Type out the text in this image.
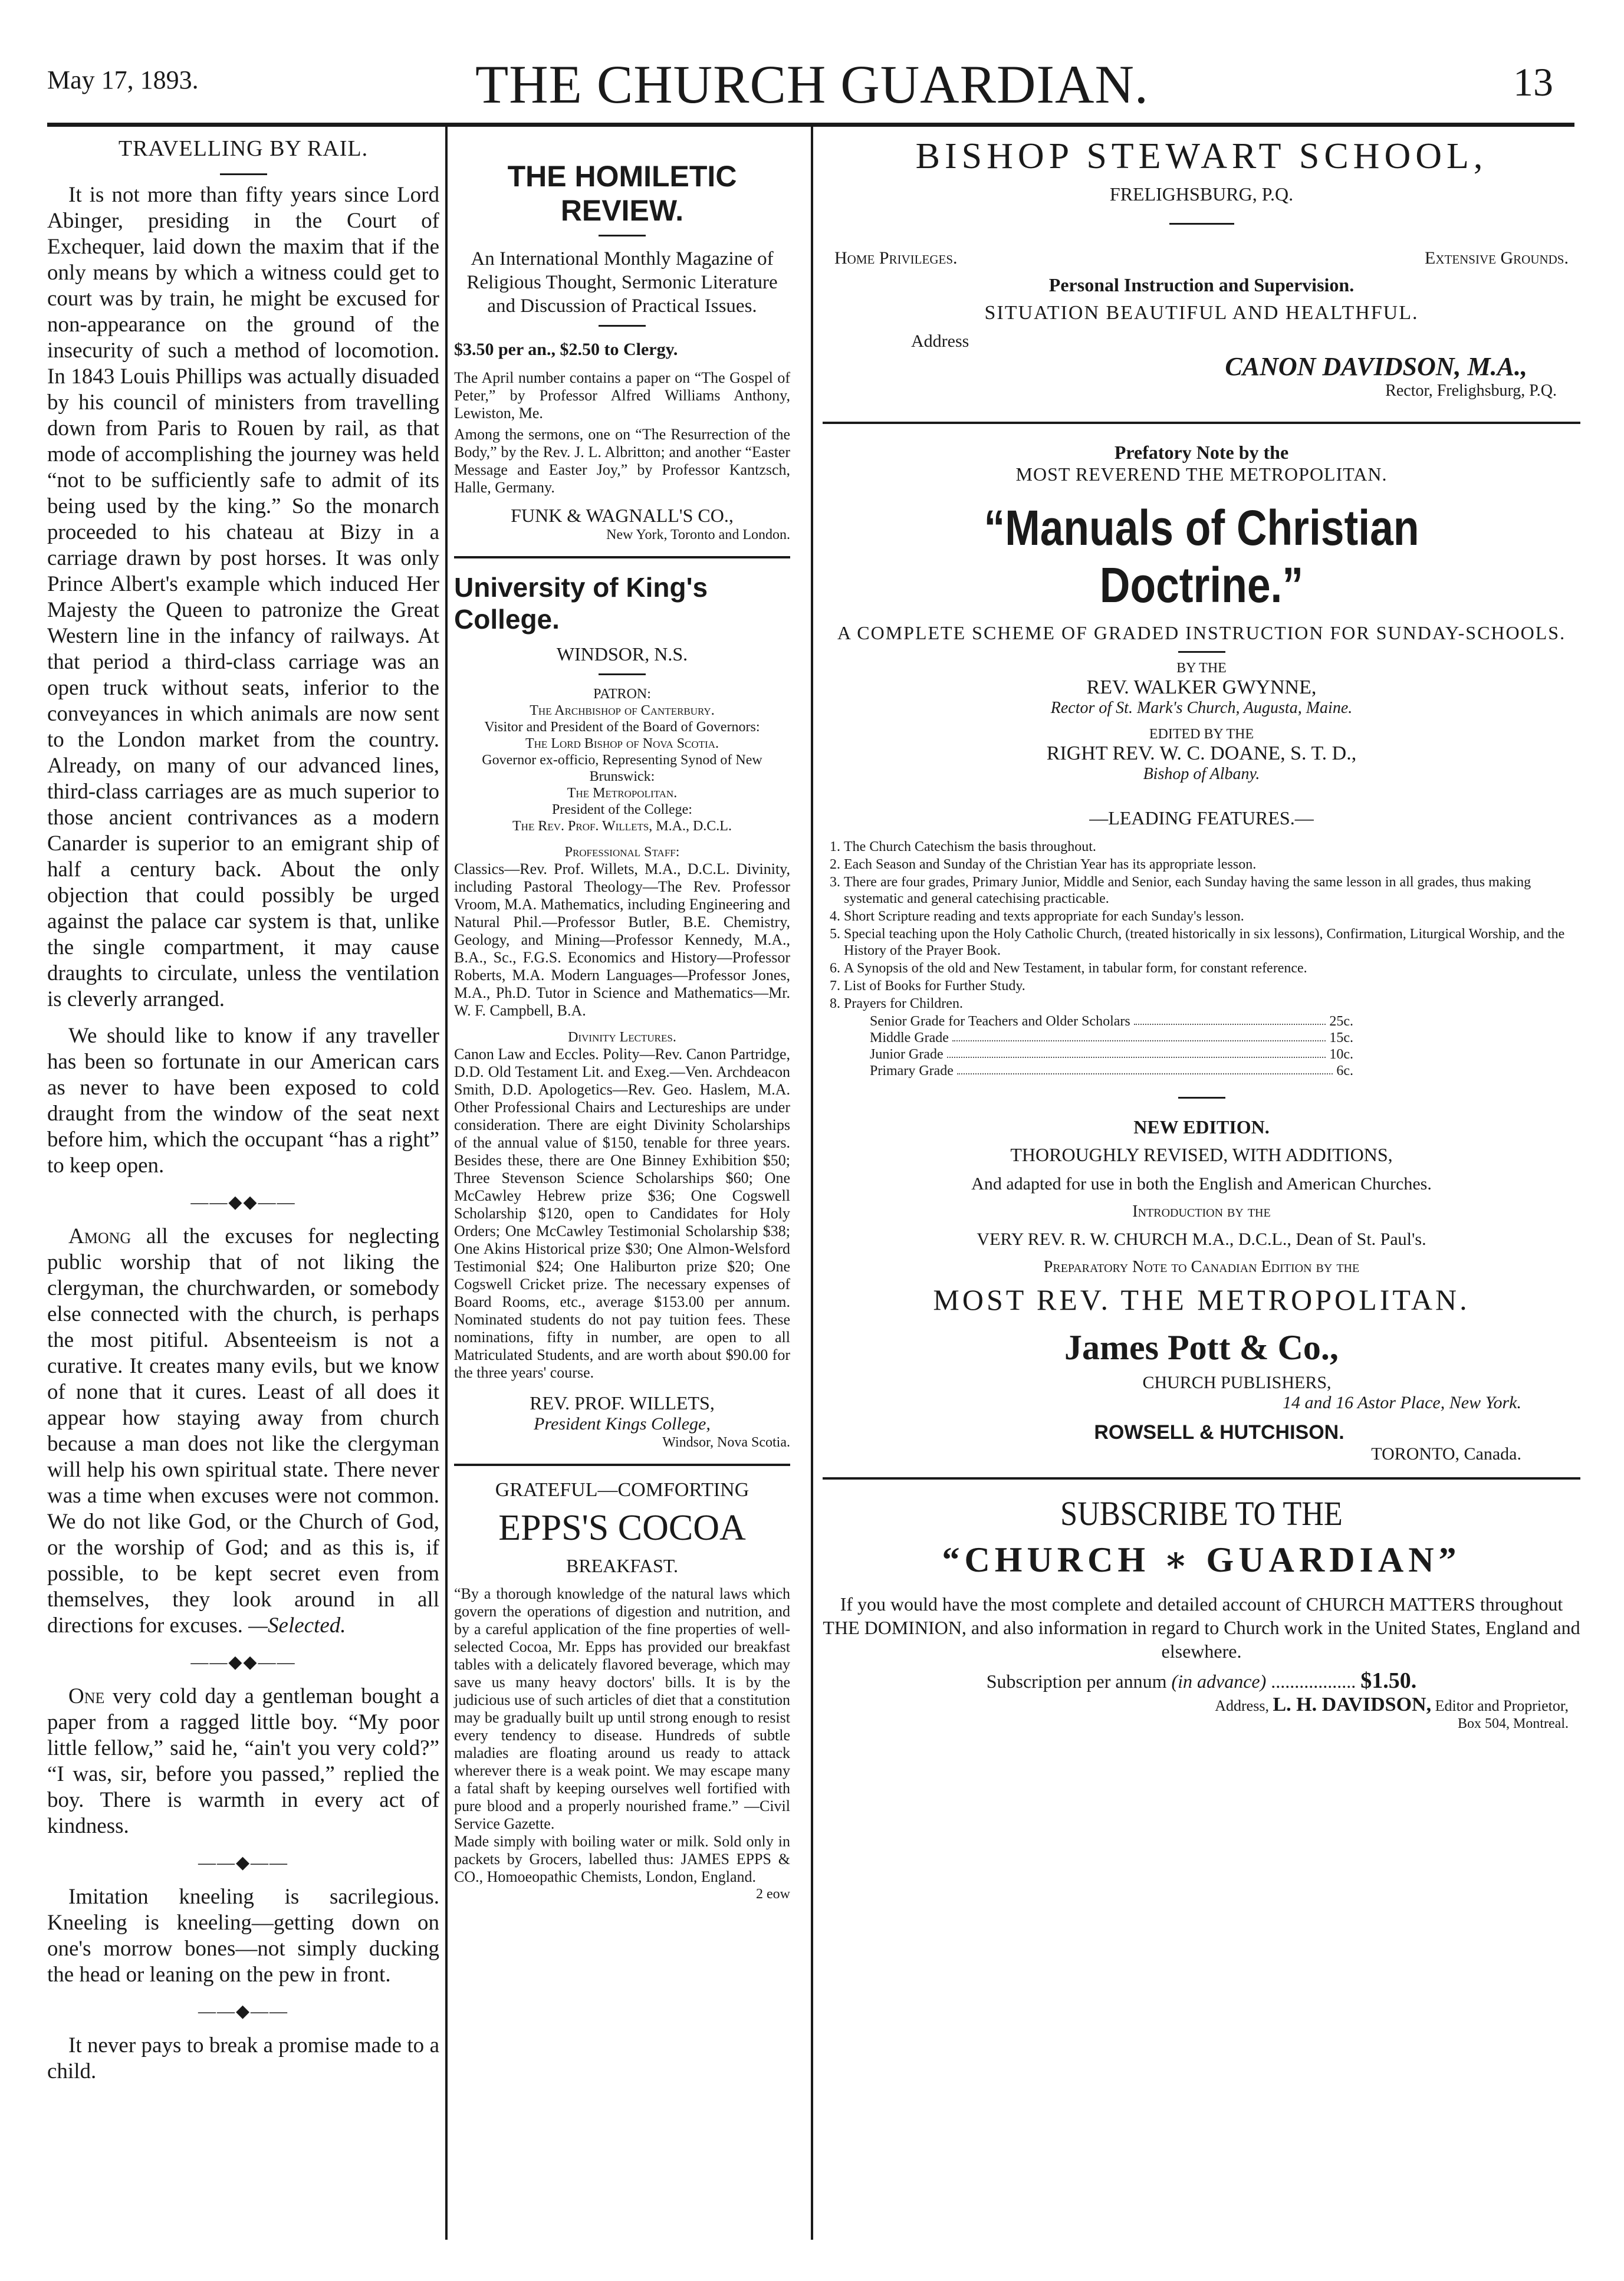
May 17, 1893.	THE CHURCH GUARDIAN.	13
TRAVELLING BY RAIL.

It is not more than fifty years since Lord Abinger, presiding in the Court of Exchequer, laid down the maxim that if the only means by which a witness could get to court was by train, he might be excused for non-appearance on the ground of the insecurity of such a method of locomotion. In 1843 Louis Phillips was actually disuaded by his council of ministers from travelling down from Paris to Rouen by rail, as that mode of accomplishing the journey was held “not to be sufficiently safe to admit of its being used by the king.” So the monarch proceeded to his chateau at Bizy in a carriage drawn by post horses. It was only Prince Albert's example which induced Her Majesty the Queen to patronize the Great Western line in the infancy of railways. At that period a third-class carriage was an open truck without seats, inferior to the conveyances in which animals are now sent to the London market from the country. Already, on many of our advanced lines, third-class carriages are as much superior to those ancient contrivances as a modern Canarder is superior to an emigrant ship of half a century back. About the only objection that could possibly be urged against the palace car system is that, unlike the single compartment, it may cause draughts to circulate, unless the ventilation is cleverly arranged.

We should like to know if any traveller has been so fortunate in our American cars as never to have been exposed to cold draught from the window of the seat next before him, which the occupant “has a right” to keep open.

——◆◆——

Among all the excuses for neglecting public worship that of not liking the clergyman, the churchwarden, or somebody else connected with the church, is perhaps the most pitiful. Absenteeism is not a curative. It creates many evils, but we know of none that it cures. Least of all does it appear how staying away from church because a man does not like the clergyman will help his own spiritual state. There never was a time when excuses were not common. We do not like God, or the Church of God, or the worship of God; and as this is, if possible, to be kept secret even from themselves, they look around in all directions for excuses. —Selected.

——◆◆——

One very cold day a gentleman bought a paper from a ragged little boy. “My poor little fellow,” said he, “ain't you very cold?” “I was, sir, before you passed,” replied the boy. There is warmth in every act of kindness.

——◆——

Imitation kneeling is sacrilegious. Kneeling is kneeling—getting down on one's morrow bones—not simply ducking the head or leaning on the pew in front.

——◆——

It never pays to break a promise made to a child.

THE HOMILETIC REVIEW.
An International Monthly Magazine of Religious Thought, Sermonic Literature and Discussion of Practical Issues.
$3.50 per an., $2.50 to Clergy.
The April number contains a paper on “The Gospel of Peter,” by Professor Alfred Williams Anthony, Lewiston, Me.
Among the sermons, one on “The Resurrection of the Body,” by the Rev. J. L. Albritton; and another “Easter Message and Easter Joy,” by Professor Kantzsch, Halle, Germany.
FUNK & WAGNALL'S CO.,
New York, Toronto and London.
University of King's College.
WINDSOR, N.S.
PATRON:
The Archbishop of Canterbury.
Visitor and President of the Board of Governors:
The Lord Bishop of Nova Scotia.
Governor ex-officio, Representing Synod of New Brunswick:
The Metropolitan.
President of the College:
The Rev. Prof. Willets, M.A., D.C.L.
Professional Staff:
Classics—Rev. Prof. Willets, M.A., D.C.L. Divinity, including Pastoral Theology—The Rev. Professor Vroom, M.A. Mathematics, including Engineering and Natural Phil.—Professor Butler, B.E. Chemistry, Geology, and Mining—Professor Kennedy, M.A., B.A., Sc., F.G.S. Economics and History—Professor Roberts, M.A. Modern Languages—Professor Jones, M.A., Ph.D. Tutor in Science and Mathematics—Mr. W. F. Campbell, B.A.
Divinity Lectures.
Canon Law and Eccles. Polity—Rev. Canon Partridge, D.D. Old Testament Lit. and Exeg.—Ven. Archdeacon Smith, D.D. Apologetics—Rev. Geo. Haslem, M.A. Other Professional Chairs and Lectureships are under consideration. There are eight Divinity Scholarships of the annual value of $150, tenable for three years. Besides these, there are One Binney Exhibition $50; Three Stevenson Science Scholarships $60; One McCawley Hebrew prize $36; One Cogswell Scholarship $120, open to Candidates for Holy Orders; One McCawley Testimonial Scholarship $38; One Akins Historical prize $30; One Almon-Welsford Testimonial $24; One Haliburton prize $20; One Cogswell Cricket prize. The necessary expenses of Board Rooms, etc., average $153.00 per annum. Nominated students do not pay tuition fees. These nominations, fifty in number, are open to all Matriculated Students, and are worth about $90.00 for the three years' course.
REV. PROF. WILLETS,
President Kings College,
Windsor, Nova Scotia.
GRATEFUL—COMFORTING
EPPS'S COCOA
BREAKFAST.
“By a thorough knowledge of the natural laws which govern the operations of digestion and nutrition, and by a careful application of the fine properties of well-selected Cocoa, Mr. Epps has provided our breakfast tables with a delicately flavored beverage, which may save us many heavy doctors' bills. It is by the judicious use of such articles of diet that a constitution may be gradually built up until strong enough to resist every tendency to disease. Hundreds of subtle maladies are floating around us ready to attack wherever there is a weak point. We may escape many a fatal shaft by keeping ourselves well fortified with pure blood and a properly nourished frame.” —Civil Service Gazette.
Made simply with boiling water or milk. Sold only in packets by Grocers, labelled thus: JAMES EPPS & CO., Homoeopathic Chemists, London, England.
2 eow
BISHOP STEWART SCHOOL,
FRELIGHSBURG, P.Q.
Home Privileges.	Extensive Grounds.
Personal Instruction and Supervision.
SITUATION BEAUTIFUL AND HEALTHFUL.
Address
CANON DAVIDSON, M.A.,
Rector, Frelighsburg, P.Q.
Prefatory Note by the
MOST REVEREND THE METROPOLITAN.
“Manuals of Christian Doctrine.”
A COMPLETE SCHEME OF GRADED INSTRUCTION FOR SUNDAY-SCHOOLS.
BY THE
REV. WALKER GWYNNE,
Rector of St. Mark's Church, Augusta, Maine.
EDITED BY THE
RIGHT REV. W. C. DOANE, S. T. D.,
Bishop of Albany.
—LEADING FEATURES.—
1. The Church Catechism the basis throughout.
2. Each Season and Sunday of the Christian Year has its appropriate lesson.
3. There are four grades, Primary Junior, Middle and Senior, each Sunday having the same lesson in all grades, thus making systematic and general catechising practicable.
4. Short Scripture reading and texts appropriate for each Sunday's lesson.
5. Special teaching upon the Holy Catholic Church, (treated historically in six lessons), Confirmation, Liturgical Worship, and the History of the Prayer Book.
6. A Synopsis of the old and New Testament, in tabular form, for constant reference.
7. List of Books for Further Study.
8. Prayers for Children.
Senior Grade for Teachers and Older Scholars	25c.
Middle Grade	15c.
Junior Grade	10c.
Primary Grade	6c.
NEW EDITION.
THOROUGHLY REVISED, WITH ADDITIONS,
And adapted for use in both the English and American Churches.
Introduction by the
VERY REV. R. W. CHURCH M.A., D.C.L., Dean of St. Paul's.
Preparatory Note to Canadian Edition by the
MOST REV. THE METROPOLITAN.
James Pott & Co.,
CHURCH PUBLISHERS,
14 and 16 Astor Place, New York.
ROWSELL & HUTCHISON.
TORONTO, Canada.
SUBSCRIBE TO THE
“CHURCH ∗ GUARDIAN”
If you would have the most complete and detailed account of CHURCH MATTERS throughout THE DOMINION, and also information in regard to Church work in the United States, England and elsewhere.
Subscription per annum (in advance) .................. $1.50.
Address, L. H. DAVIDSON, Editor and Proprietor,
Box 504, Montreal.
